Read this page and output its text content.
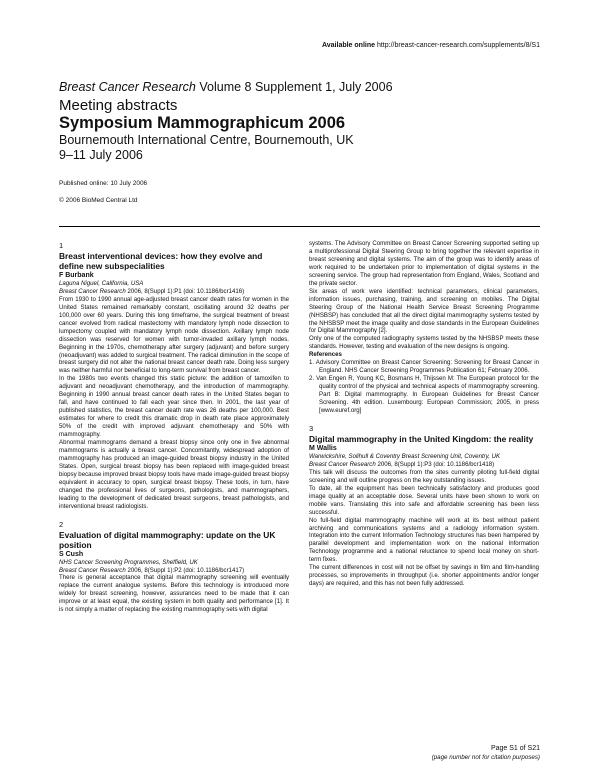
Available online http://breast-cancer-research.com/supplements/8/S1
Breast Cancer Research Volume 8 Supplement 1, July 2006
Meeting abstracts
Symposium Mammographicum 2006
Bournemouth International Centre, Bournemouth, UK
9–11 July 2006
Published online: 10 July 2006
© 2006 BioMed Central Ltd
1
Breast interventional devices: how they evolve and define new subspecialities
F Burbank
Laguna Niguel, California, USA
Breast Cancer Research 2006, 8(Suppl 1):P1 (doi: 10.1186/bcr1416)

From 1930 to 1990 annual age-adjusted breast cancer death rates for women in the United States remained remarkably constant, oscillating around 32 deaths per 100,000 over 60 years. During this long timeframe, the surgical treatment of breast cancer evolved from radical mastectomy with mandatory lymph node dissection to lumpectomy coupled with mandatory lymph node dissection. Axillary lymph node dissection was reserved for women with tumor-invaded axillary lymph nodes. Beginning in the 1970s, chemotherapy after surgery (adjuvant) and before surgery (neoadjuvant) was added to surgical treatment. The radical diminution in the scope of breast surgery did not alter the national breast cancer death rate. Doing less surgery was neither harmful nor beneficial to long-term survival from breast cancer.

In the 1980s two events changed this static picture: the addition of tamoxifen to adjuvant and neoadjuvant chemotherapy, and the introduction of mammography. Beginning in 1990 annual breast cancer death rates in the United States began to fall, and have continued to fall each year since then. In 2001, the last year of published statistics, the breast cancer death rate was 26 deaths per 100,000. Best estimates for where to credit this dramatic drop in death rate place approximately 50% of the credit with improved adjuvant chemotherapy and 50% with mammography.

Abnormal mammograms demand a breast biopsy since only one in five abnormal mammograms is actually a breast cancer. Concomitantly, widespread adoption of mammography has produced an image-guided breast biopsy industry in the United States. Open, surgical breast biopsy has been replaced with image-guided breast biopsy because improved breast biopsy tools have made image-guided breast biopsy equivalent in accuracy to open, surgical breast biopsy. These tools, in turn, have changed the professional lives of surgeons, pathologists, and mammographers, leading to the development of dedicated breast surgeons, breast pathologists, and interventional breast radiologists.

2
Evaluation of digital mammography: update on the UK position
S Cush
NHS Cancer Screening Programmes, Sheffield, UK
Breast Cancer Research 2006, 8(Suppl 1):P2 (doi: 10.1186/bcr1417)

There is general acceptance that digital mammography screening will eventually replace the current analogue systems. Before this technology is introduced more widely for breast screening, however, assurances need to be made that it can improve or at least equal, the existing system in both quality and performance [1]. It is not simply a matter of replacing the existing mammography sets with digital

systems. The Advisory Committee on Breast Cancer Screening supported setting up a multiprofessional Digital Steering Group to bring together the relevant expertise in breast screening and digital systems. The aim of the group was to identify areas of work required to be undertaken prior to implementation of digital systems in the screening service. The group had representation from England, Wales, Scotland and the private sector.

Six areas of work were identified: technical parameters, clinical parameters, information issues, purchasing, training, and screening on mobiles. The Digital Steering Group of the National Health Service Breast Screening Programme (NHSBSP) has concluded that all the direct digital mammography systems tested by the NHSBSP meet the image quality and dose standards in the European Guidelines for Digital Mammography [2].

Only one of the computed radiography systems tested by the NHSBSP meets these standards. However, testing and evaluation of the new designs is ongoing.

References

1. Advisory Committee on Breast Cancer Screening: Screening for Breast Cancer in England. NHS Cancer Screening Programmes Publication 61; February 2006.

2. Van Engen R, Young KC, Bosmans H, Thijssen M: The European protocol for the quality control of the physical and technical aspects of mammography screening. Part B: Digital mammography. In European Guidelines for Breast Cancer Screening. 4th edition. Luxembourg: European Commission; 2005, in press [www.euref.org]

3
Digital mammography in the United Kingdom: the reality
M Wallis
Warwickshire, Solihull & Coventry Breast Screening Unit, Coventry, UK
Breast Cancer Research 2006, 8(Suppl 1):P3 (doi: 10.1186/bcr1418)

This talk will discuss the outcomes from the sites currently piloting full-field digital screening and will outline progress on the key outstanding issues.

To date, all the equipment has been technically satisfactory and produces good image quality at an acceptable dose. Several units have been shown to work on mobile vans. Translating this into safe and affordable screening has been less successful.

No full-field digital mammography machine will work at its best without patient archiving and communications systems and a radiology information system. Integration into the current Information Technology structures has been hampered by parallel development and implementation work on the national Information Technology programme and a national reluctance to spend local money on short-term fixes.

The current differences in cost will not be offset by savings in film and film-handling processes, so improvements in throughput (i.e. shorter appointments and/or longer days) are required, and this has not been fully addressed.

Page S1 of S21
(page number not for citation purposes)
